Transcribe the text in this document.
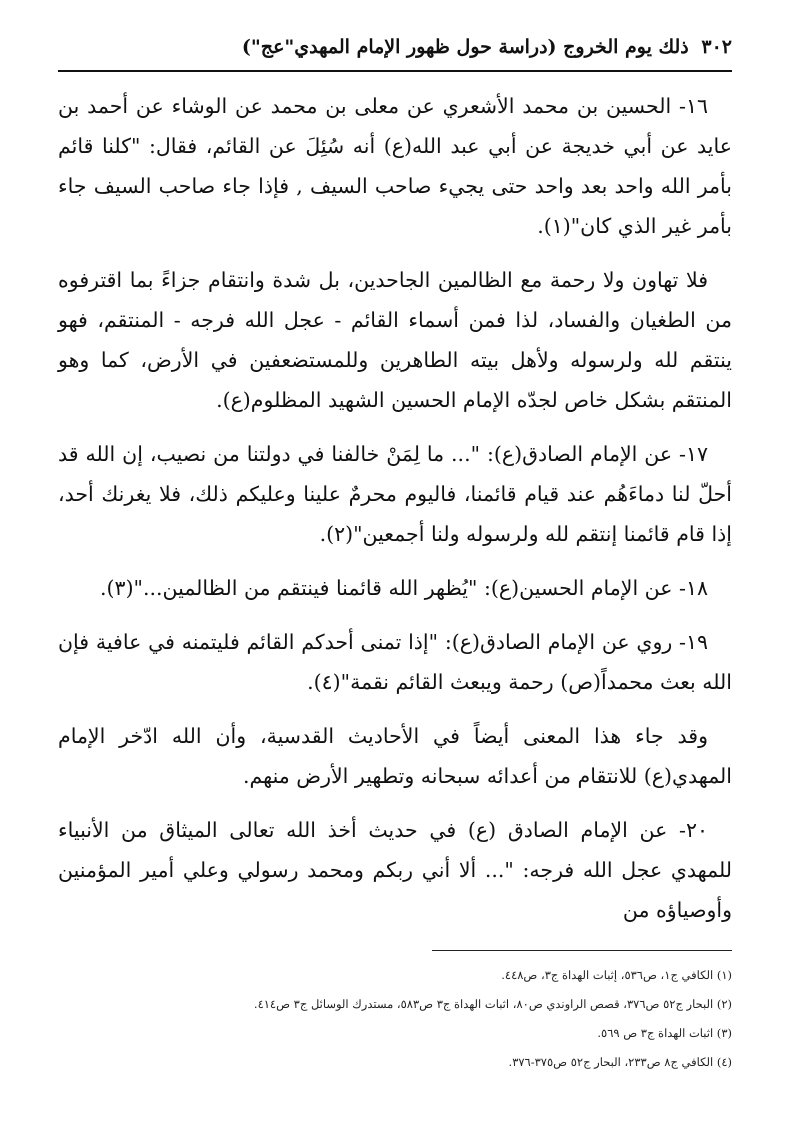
٣٠٢ ذلك يوم الخروج (دراسة حول ظهور الإمام المهدي"عج")

١٦- الحسين بن محمد الأشعري عن معلى بن محمد عن الوشاء عن أحمد بن عايد عن أبي خديجة عن أبي عبد الله(ع) أنه سُئِلَ عن القائم، فقال: "كلنا قائم بأمر الله واحد بعد واحد حتى يجيء صاحب السيف , فإذا جاء صاحب السيف جاء بأمر غير الذي كان"(١).

فلا تهاون ولا رحمة مع الظالمين الجاحدين، بل شدة وانتقام جزاءً بما اقترفوه من الطغيان والفساد، لذا فمن أسماء القائم - عجل الله فرجه - المنتقم، فهو ينتقم لله ولرسوله ولأهل بيته الطاهرين وللمستضعفين في الأرض، كما وهو المنتقم بشكل خاص لجدّه الإمام الحسين الشهيد المظلوم(ع).

١٧- عن الإمام الصادق(ع): "... ما لِمَنْ خالفنا في دولتنا من نصيب، إن الله قد أحلّ لنا دماءَهُم عند قيام قائمنا، فاليوم محرمٌ علينا وعليكم ذلك، فلا يغرنك أحد، إذا قام قائمنا إنتقم لله ولرسوله ولنا أجمعين"(٢).

١٨- عن الإمام الحسين(ع): "يُظهر الله قائمنا فينتقم من الظالمين..."(٣).

١٩- روي عن الإمام الصادق(ع): "إذا تمنى أحدكم القائم فليتمنه في عافية فإن الله بعث محمداً(ص) رحمة ويبعث القائم نقمة"(٤).

وقد جاء هذا المعنى أيضاً في الأحاديث القدسية، وأن الله ادّخر الإمام المهدي(ع) للانتقام من أعدائه سبحانه وتطهير الأرض منهم.

٢٠- عن الإمام الصادق (ع) في حديث أخذ الله تعالى الميثاق من الأنبياء للمهدي عجل الله فرجه: "... ألا أني ربكم ومحمد رسولي وعلي أمير المؤمنين وأوصياؤه من

(١) الكافي ج١، ص٥٣٦، إثبات الهداة ج٣، ص٤٤٨.

(٢) البحار ج٥٢ ص٣٧٦، قصص الراوندي ص٨٠، اثبات الهداة ج٣ ص٥٨٣، مستدرك الوسائل ج٣ ص٤١٤.

(٣) اثبات الهداة ج٣ ص ٥٦٩.

(٤) الكافي ج٨ ص٢٣٣، البحار ج٥٢ ص٣٧٥-٣٧٦.
